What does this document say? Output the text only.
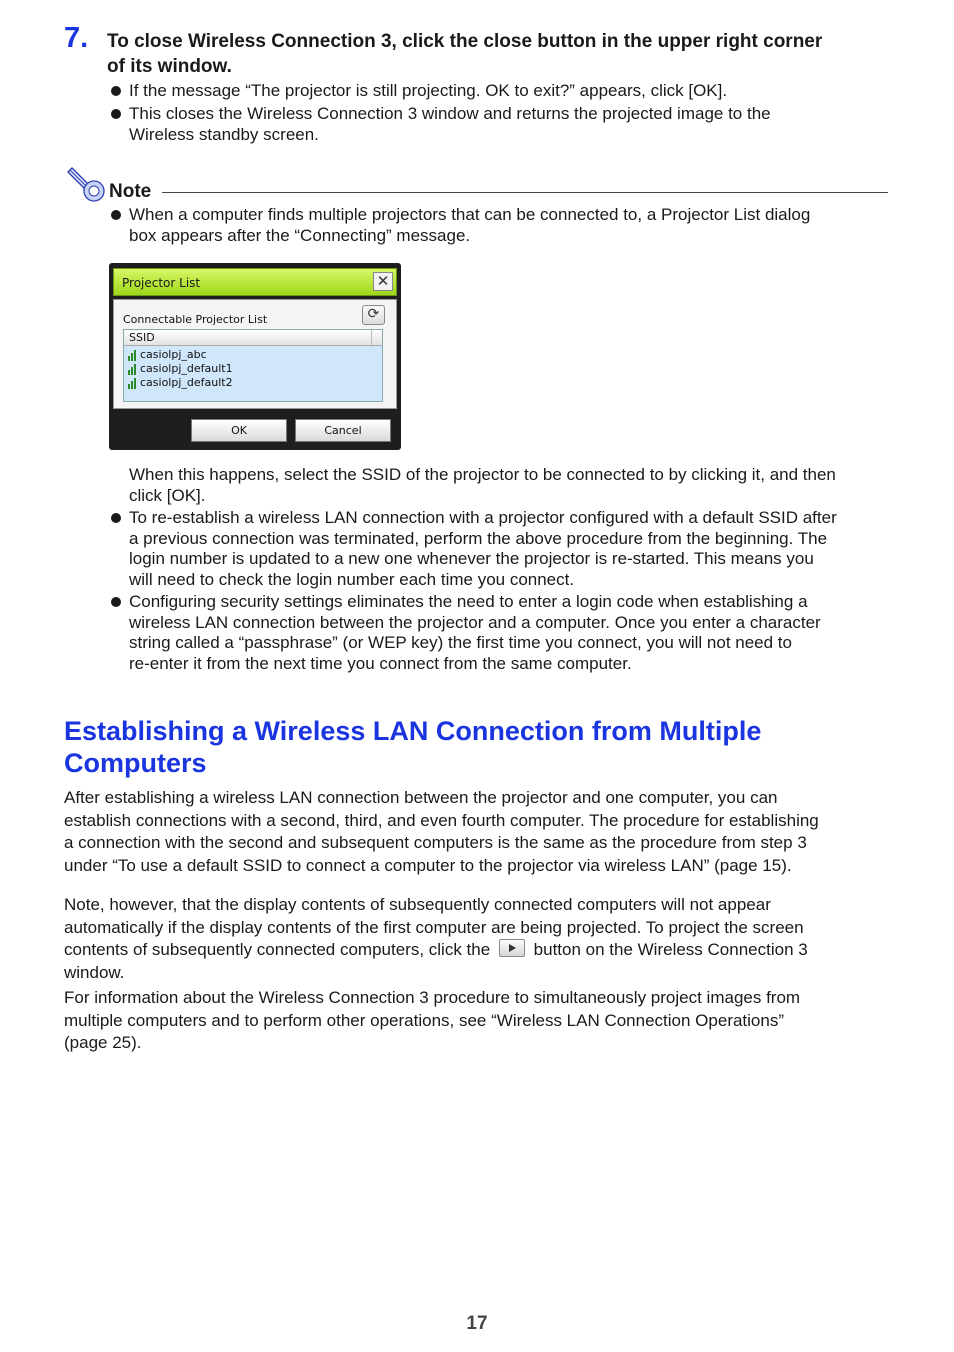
7. To close Wireless Connection 3, click the close button in the upper right corner
of its window.
If the message “The projector is still projecting. OK to exit?” appears, click [OK].
This closes the Wireless Connection 3 window and returns the projected image to the
Wireless standby screen.
Note
When a computer finds multiple projectors that can be connected to, a Projector List dialog
box appears after the “Connecting” message.
Projector List	✕
Connectable Projector List	⟳
SSID
casiolpj_abc
casiolpj_default1
casiolpj_default2
OK	Cancel
When this happens, select the SSID of the projector to be connected to by clicking it, and then
click [OK].
To re-establish a wireless LAN connection with a projector configured with a default SSID after
a previous connection was terminated, perform the above procedure from the beginning. The
login number is updated to a new one whenever the projector is re-started. This means you
will need to check the login number each time you connect.
Configuring security settings eliminates the need to enter a login code when establishing a
wireless LAN connection between the projector and a computer. Once you enter a character
string called a “passphrase” (or WEP key) the first time you connect, you will not need to
re-enter it from the next time you connect from the same computer.
Establishing a Wireless LAN Connection from Multiple
Computers
After establishing a wireless LAN connection between the projector and one computer, you can
establish connections with a second, third, and even fourth computer. The procedure for establishing
a connection with the second and subsequent computers is the same as the procedure from step 3
under “To use a default SSID to connect a computer to the projector via wireless LAN” (page 15).
Note, however, that the display contents of subsequently connected computers will not appear
automatically if the display contents of the first computer are being projected. To project the screen
contents of subsequently connected computers, click the	button on the Wireless Connection 3
window.
For information about the Wireless Connection 3 procedure to simultaneously project images from
multiple computers and to perform other operations, see “Wireless LAN Connection Operations”
(page 25).
17
